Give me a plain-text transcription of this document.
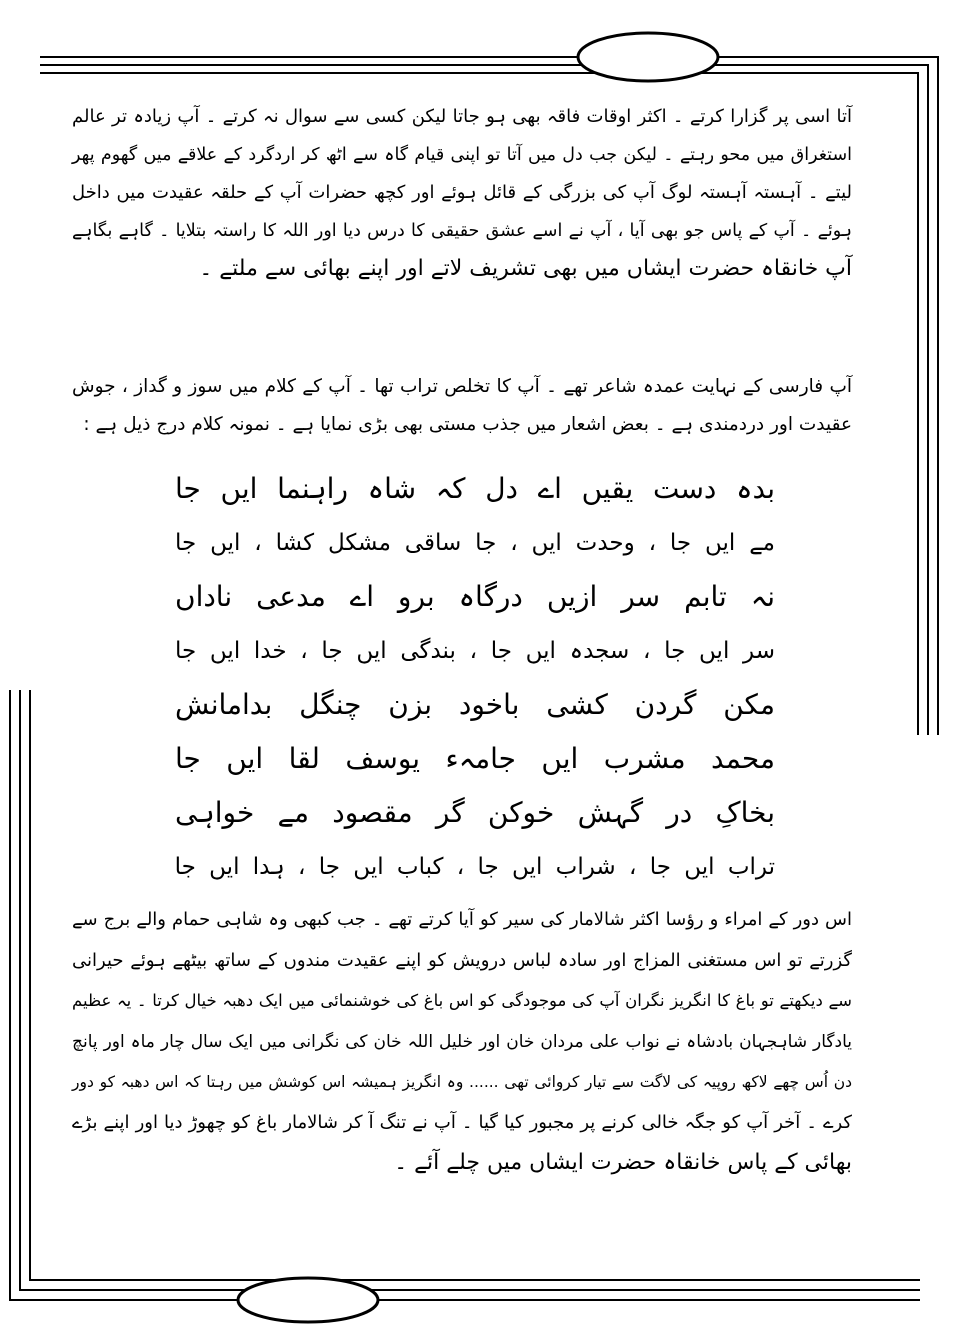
آتا اسی پر گزارا کرتے ۔ اکثر اوقات فاقہ بھی ہو جاتا لیکن کسی سے سوال نہ کرتے ۔ آپ زیادہ تر عالم
استغراق میں محو رہتے ۔ لیکن جب دل میں آتا تو اپنی قیام گاہ سے اٹھ کر اردگرد کے علاقے میں گھوم پھر
لیتے ۔ آہستہ آہستہ لوگ آپ کی بزرگی کے قائل ہوئے اور کچھ حضرات آپ کے حلقہ عقیدت میں داخل
ہوئے ۔ آپ کے پاس جو بھی آیا ، آپ نے اسے عشق حقیقی کا درس دیا اور اللہ کا راستہ بتلایا ۔ گاہے بگاہے
آپ خانقاہ حضرت ایشاں میں بھی تشریف لاتے اور اپنے بھائی سے ملتے ۔
آپ فارسی کے نہایت عمدہ شاعر تھے ۔ آپ کا تخلص تراب تھا ۔ آپ کے کلام میں سوز و گداز ، جوش
عقیدت اور دردمندی ہے ۔ بعض اشعار میں جذب مستی بھی بڑی نمایا ہے ۔ نمونہ کلام درج ذیل ہے :
بدہ دست یقیں اے دل کہ شاہ راہنما ایں جا
مے ایں جا ، وحدت ایں ، جا ساقی مشکل کشا ، ایں جا
نہ تابم سر ازیں درگاہ برو اے مدعی ناداں
سر ایں جا ، سجدہ ایں جا ، بندگی ایں جا ، خدا ایں جا
مکن گردن کشی باخود بزن چنگل بدامانش
محمد مشرب ایں جامہء یوسف لقا ایں جا
بخاکِ در گہش خوکن گر مقصود مے خواہی
تراب ایں جا ، شراب ایں جا ، کباب ایں جا ، ہدا ایں جا
اس دور کے امراء و رؤسا اکثر شالامار کی سیر کو آیا کرتے تھے ۔ جب کبھی وہ شاہی حمام والے برج سے
گزرتے تو اس مستغنی المزاج اور سادہ لباس درویش کو اپنے عقیدت مندوں کے ساتھ بیٹھے ہوئے حیرانی
سے دیکھتے تو باغ کا انگریز نگران آپ کی موجودگی کو اس باغ کی خوشنمائی میں ایک دھبہ خیال کرتا ۔ یہ عظیم
یادگار شاہجہان بادشاہ نے نواب علی مردان خان اور خلیل اللہ خان کی نگرانی میں ایک سال چار ماہ اور پانچ
دن اُس چھے لاکھ روپیہ کی لاگت سے تیار کروائی تھی ...... وہ انگریز ہمیشہ اس کوشش میں رہتا کہ اس دھبہ کو دور
کرے ۔ آخر آپ کو جگہ خالی کرنے پر مجبور کیا گیا ۔ آپ نے تنگ آ کر شالامار باغ کو چھوڑ دیا اور اپنے بڑے
بھائی کے پاس خانقاہ حضرت ایشاں میں چلے آئے ۔
